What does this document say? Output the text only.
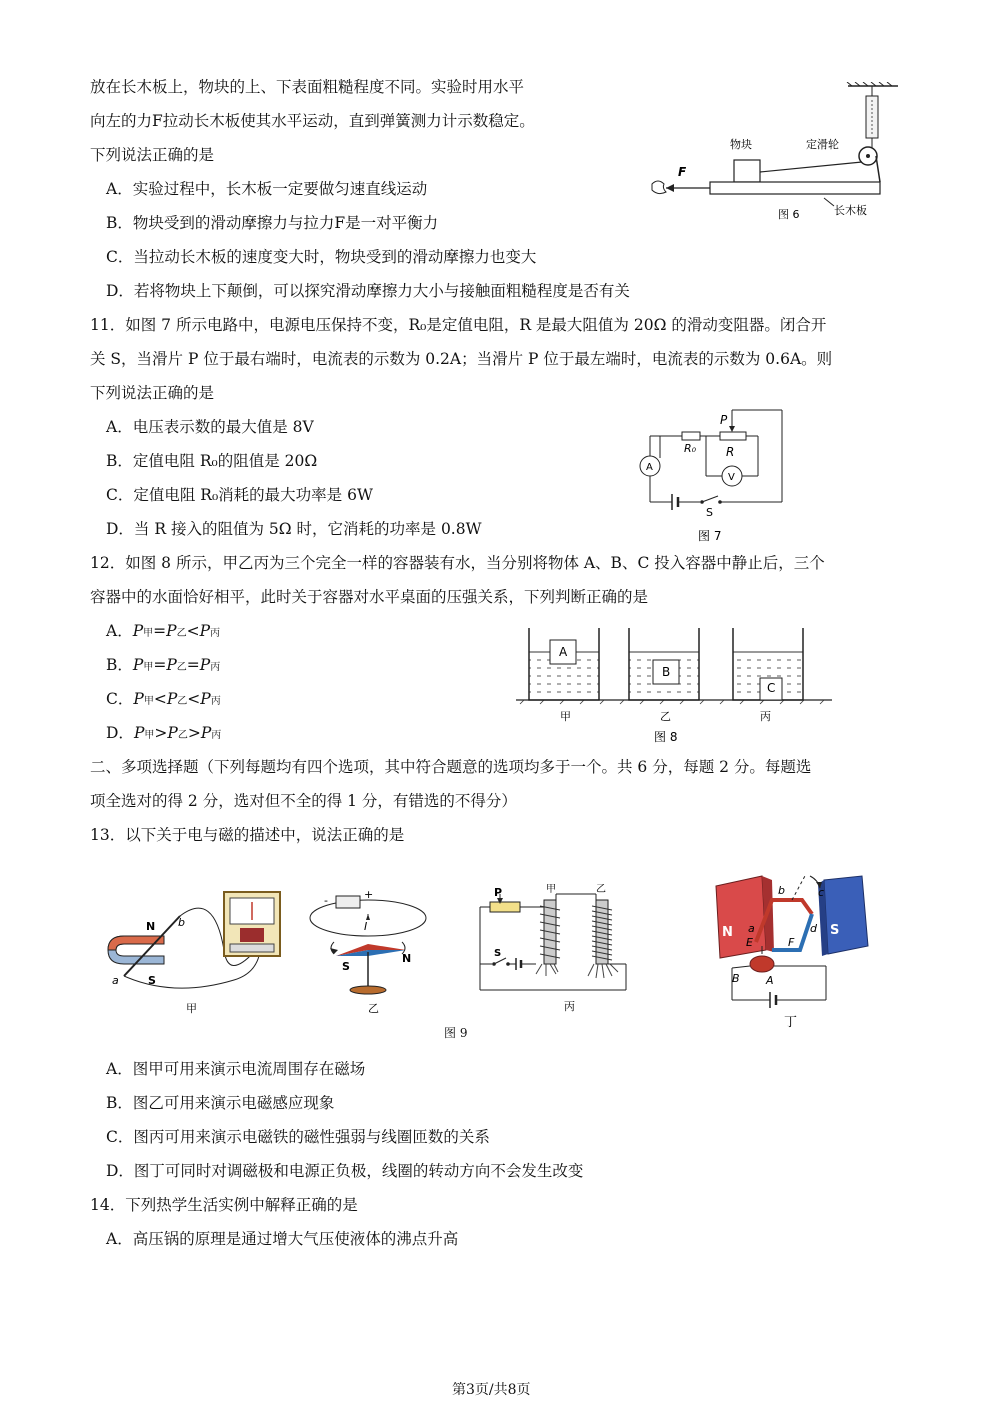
放在长木板上，物块的上、下表面粗糙程度不同。实验时用水平
向左的力F拉动长木板使其水平运动，直到弹簧测力计示数稳定。
下列说法正确的是
A．实验过程中，长木板一定要做匀速直线运动
B．物块受到的滑动摩擦力与拉力F是一对平衡力
C．当拉动长木板的速度变大时，物块受到的滑动摩擦力也变大
D．若将物块上下颠倒，可以探究滑动摩擦力大小与接触面粗糙程度是否有关
F
物块	定滑轮
长木板
图 6
11．如图 7 所示电路中，电源电压保持不变，R₀是定值电阻，R 是最大阻值为 20Ω 的滑动变阻器。闭合开
关 S，当滑片 P 位于最右端时，电流表的示数为 0.2A；当滑片 P 位于最左端时，电流表的示数为 0.6A。则
下列说法正确的是
A．电压表示数的最大值是 8V
B．定值电阻 R₀的阻值是 20Ω
C．定值电阻 R₀消耗的最大功率是 6W
D．当 R 接入的阻值为 5Ω 时，它消耗的功率是 0.8W
A
V
P
R₀ R
S
图 7
12．如图 8 所示，甲乙丙为三个完全一样的容器装有水，当分别将物体 A、B、C 投入容器中静止后，三个
容器中的水面恰好相平，此时关于容器对水平桌面的压强关系，下列判断正确的是
A．P甲=P乙<P丙
B．P甲=P乙=P丙
C．P甲<P乙<P丙
D．P甲>P乙>P丙
A
B
C
甲	乙	丙
图 8
二、多项选择题（下列每题均有四个选项，其中符合题意的选项均多于一个。共 6 分，每题 2 分。每题选
项全选对的得 2 分，选对但不全的得 1 分，有错选的不得分）
13．以下关于电与磁的描述中，说法正确的是
N
S
a
b
甲
+
-
I
S
N
乙
P
S
甲	乙
丙
N	S
a
b	c
d
E	F
B A
丁
图 9
A．图甲可用来演示电流周围存在磁场
B．图乙可用来演示电磁感应现象
C．图丙可用来演示电磁铁的磁性强弱与线圈匝数的关系
D．图丁可同时对调磁极和电源正负极，线圈的转动方向不会发生改变
14．下列热学生活实例中解释正确的是
A．高压锅的原理是通过增大气压使液体的沸点升高
第3页/共8页
